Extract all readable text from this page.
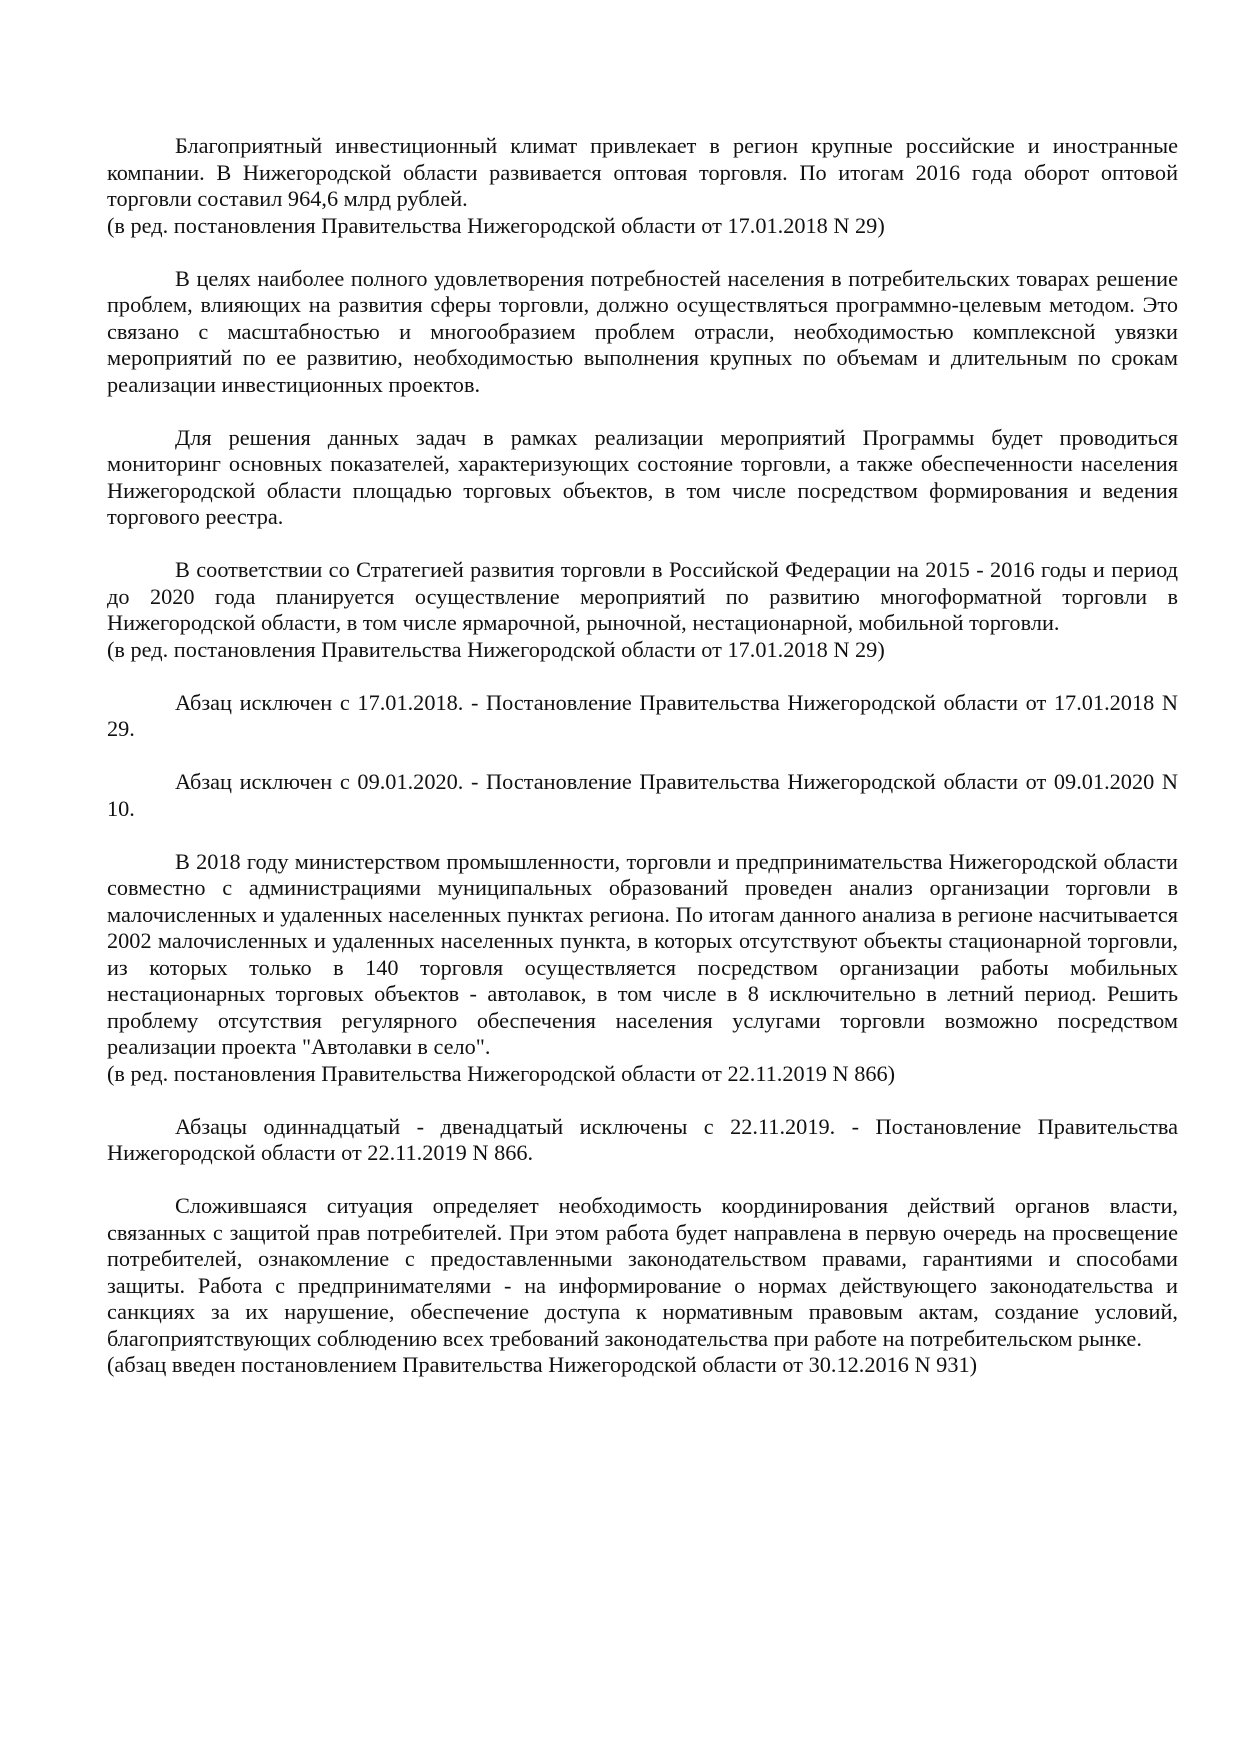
Благоприятный инвестиционный климат привлекает в регион крупные российские и иностранные компании. В Нижегородской области развивается оптовая торговля. По итогам 2016 года оборот оптовой торговли составил 964,6 млрд рублей.

(в ред. постановления Правительства Нижегородской области от 17.01.2018 N 29)

В целях наиболее полного удовлетворения потребностей населения в потребительских товарах решение проблем, влияющих на развития сферы торговли, должно осуществляться программно-целевым методом. Это связано с масштабностью и многообразием проблем отрасли, необходимостью комплексной увязки мероприятий по ее развитию, необходимостью выполнения крупных по объемам и длительным по срокам реализации инвестиционных проектов.

Для решения данных задач в рамках реализации мероприятий Программы будет проводиться мониторинг основных показателей, характеризующих состояние торговли, а также обеспеченности населения Нижегородской области площадью торговых объектов, в том числе посредством формирования и ведения торгового реестра.

В соответствии со Стратегией развития торговли в Российской Федерации на 2015 - 2016 годы и период до 2020 года планируется осуществление мероприятий по развитию многоформатной торговли в Нижегородской области, в том числе ярмарочной, рыночной, нестационарной, мобильной торговли.

(в ред. постановления Правительства Нижегородской области от 17.01.2018 N 29)

Абзац исключен с 17.01.2018. - Постановление Правительства Нижегородской области от 17.01.2018 N 29.

Абзац исключен с 09.01.2020. - Постановление Правительства Нижегородской области от 09.01.2020 N 10.

В 2018 году министерством промышленности, торговли и предпринимательства Нижегородской области совместно с администрациями муниципальных образований проведен анализ организации торговли в малочисленных и удаленных населенных пунктах региона. По итогам данного анализа в регионе насчитывается 2002 малочисленных и удаленных населенных пункта, в которых отсутствуют объекты стационарной торговли, из которых только в 140 торговля осуществляется посредством организации работы мобильных нестационарных торговых объектов - автолавок, в том числе в 8 исключительно в летний период. Решить проблему отсутствия регулярного обеспечения населения услугами торговли возможно посредством реализации проекта "Автолавки в село".

(в ред. постановления Правительства Нижегородской области от 22.11.2019 N 866)

Абзацы одиннадцатый - двенадцатый исключены с 22.11.2019. - Постановление Правительства Нижегородской области от 22.11.2019 N 866.

Сложившаяся ситуация определяет необходимость координирования действий органов власти, связанных с защитой прав потребителей. При этом работа будет направлена в первую очередь на просвещение потребителей, ознакомление с предоставленными законодательством правами, гарантиями и способами защиты. Работа с предпринимателями - на информирование о нормах действующего законодательства и санкциях за их нарушение, обеспечение доступа к нормативным правовым актам, создание условий, благоприятствующих соблюдению всех требований законодательства при работе на потребительском рынке.

(абзац введен постановлением Правительства Нижегородской области от 30.12.2016 N 931)
